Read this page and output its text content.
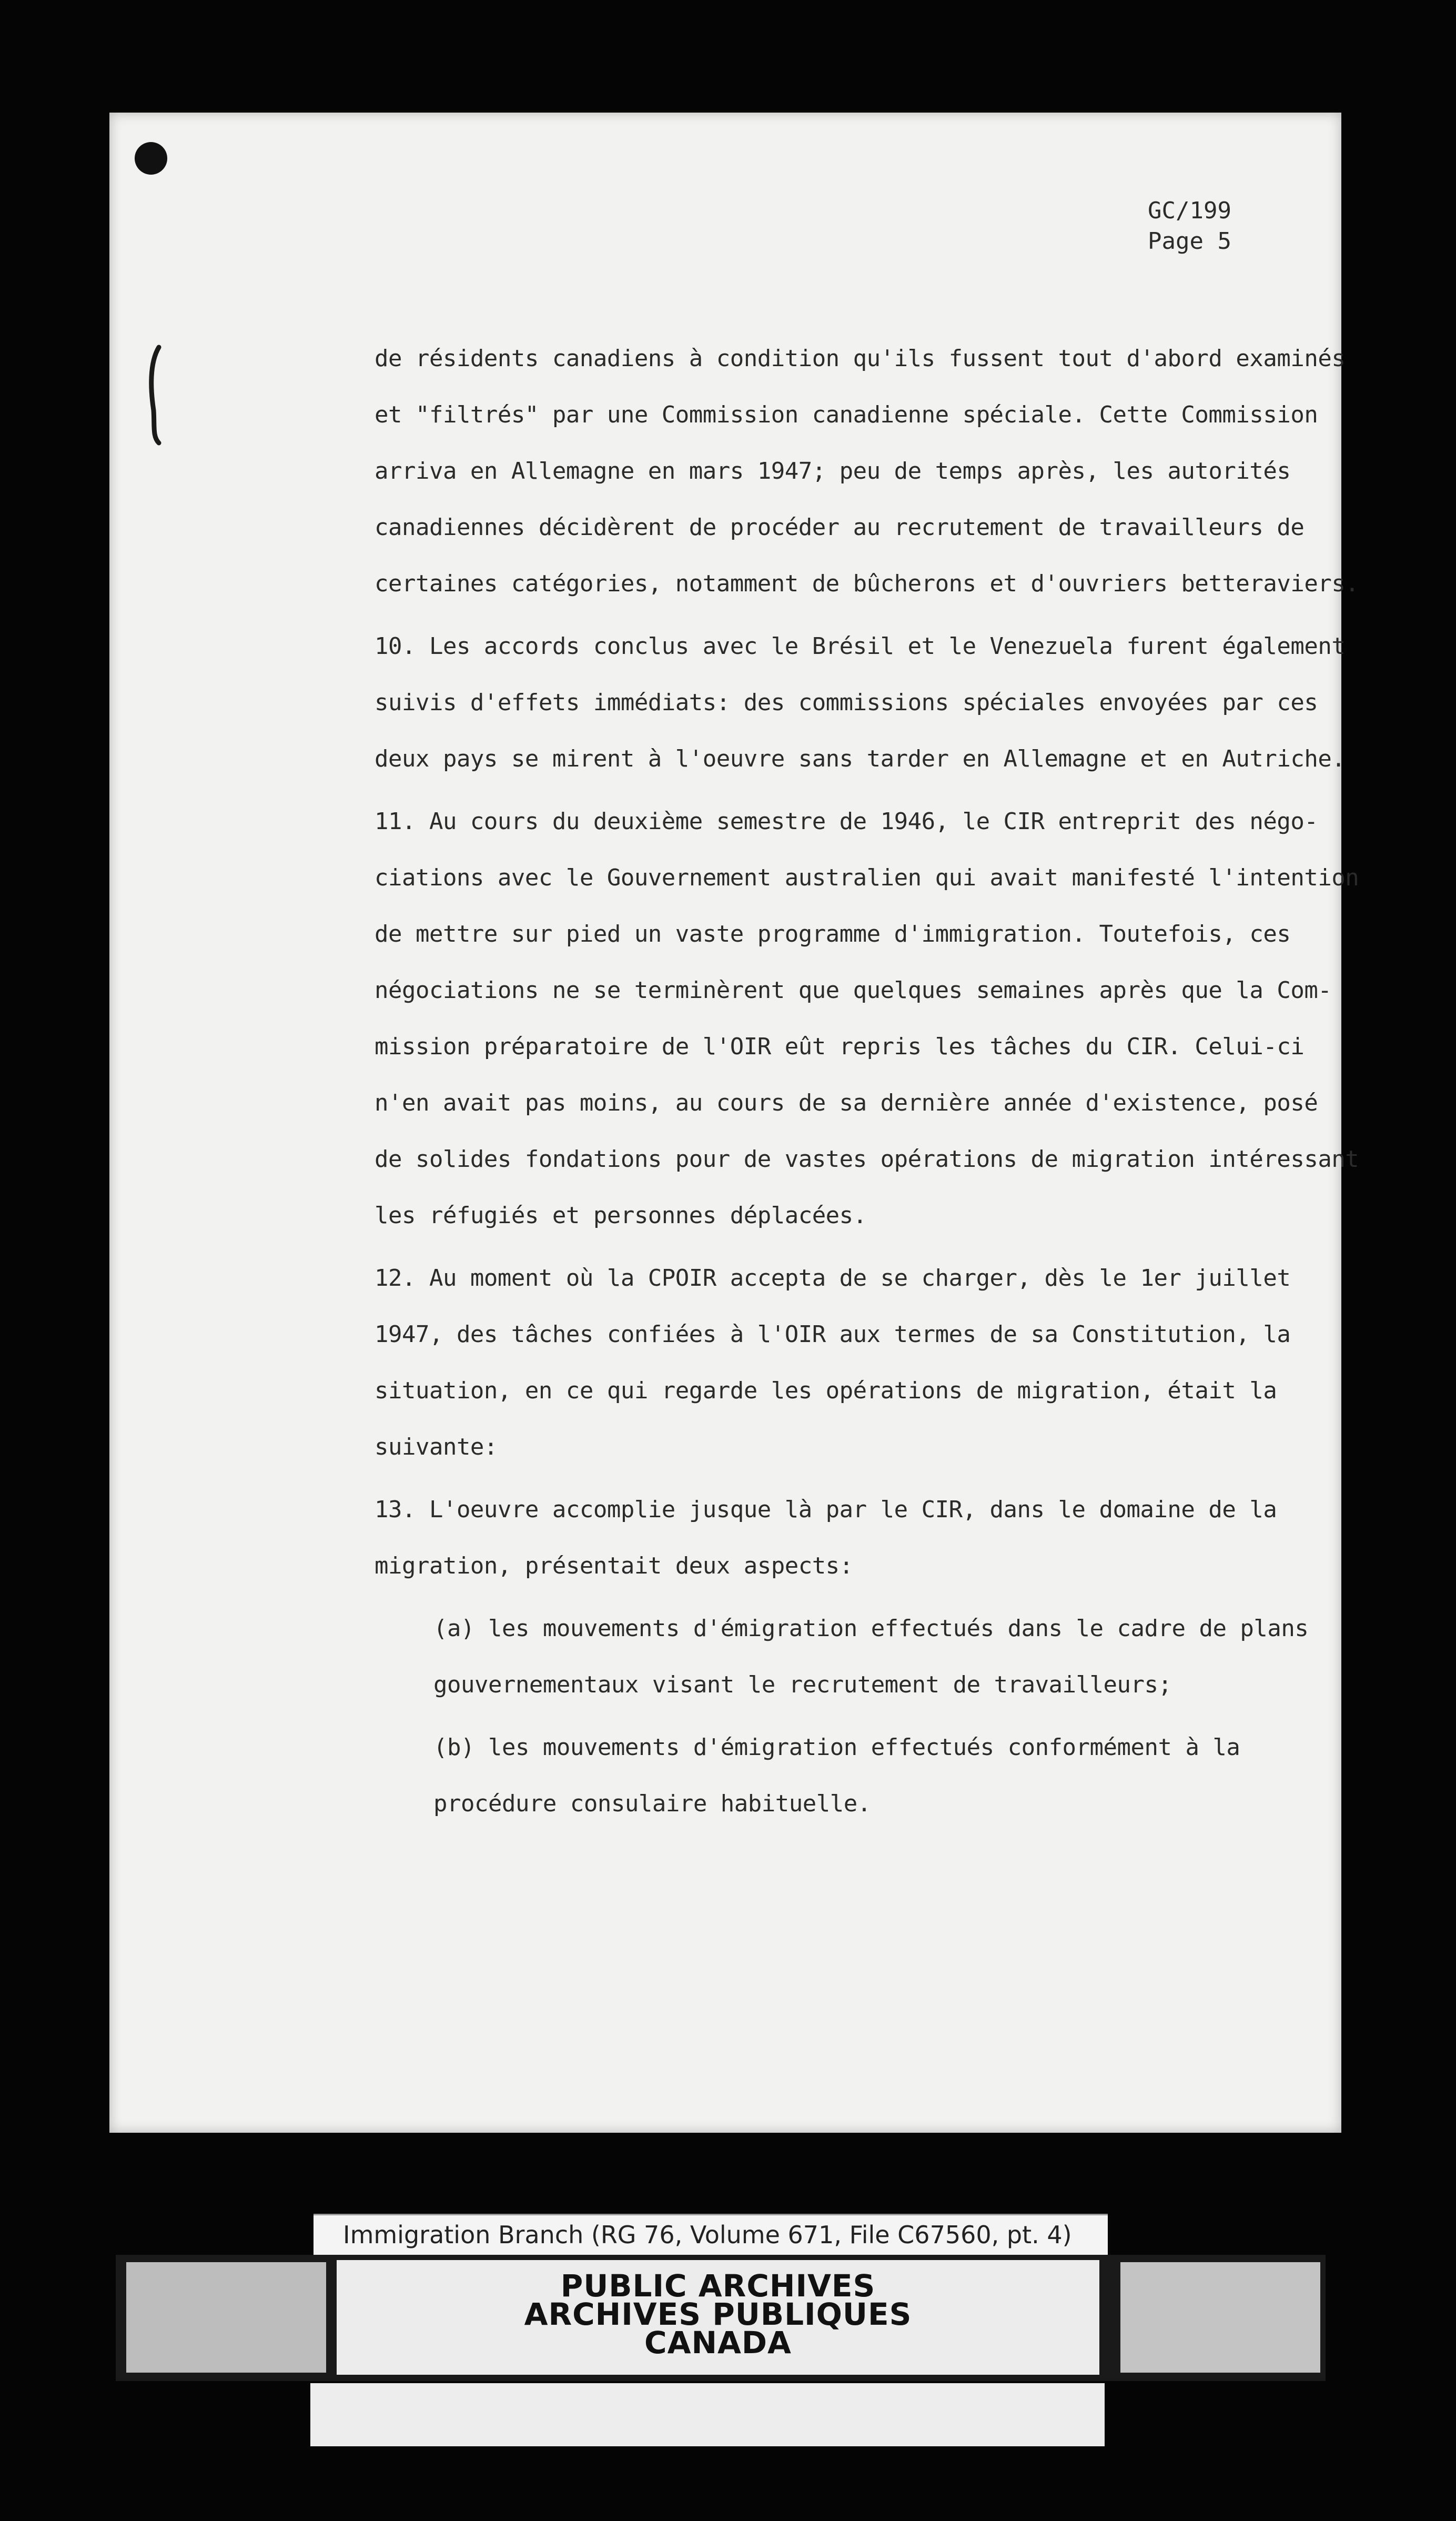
GC/199
Page 5
de résidents canadiens à condition qu'ils fussent tout d'abord examinés
et "filtrés" par une Commission canadienne spéciale. Cette Commission
arriva en Allemagne en mars 1947; peu de temps après, les autorités
canadiennes décidèrent de procéder au recrutement de travailleurs de
certaines catégories, notamment de bûcherons et d'ouvriers betteraviers.
10. Les accords conclus avec le Brésil et le Venezuela furent également
suivis d'effets immédiats: des commissions spéciales envoyées par ces
deux pays se mirent à l'oeuvre sans tarder en Allemagne et en Autriche.
11. Au cours du deuxième semestre de 1946, le CIR entreprit des négo-
ciations avec le Gouvernement australien qui avait manifesté l'intention
de mettre sur pied un vaste programme d'immigration. Toutefois, ces
négociations ne se terminèrent que quelques semaines après que la Com-
mission préparatoire de l'OIR eût repris les tâches du CIR. Celui-ci
n'en avait pas moins, au cours de sa dernière année d'existence, posé
de solides fondations pour de vastes opérations de migration intéressant
les réfugiés et personnes déplacées.
12. Au moment où la CPOIR accepta de se charger, dès le 1er juillet
1947, des tâches confiées à l'OIR aux termes de sa Constitution, la
situation, en ce qui regarde les opérations de migration, était la
suivante:
13. L'oeuvre accomplie jusque là par le CIR, dans le domaine de la
migration, présentait deux aspects:
(a) les mouvements d'émigration effectués dans le cadre de plans
gouvernementaux visant le recrutement de travailleurs;
(b) les mouvements d'émigration effectués conformément à la
procédure consulaire habituelle.
Immigration Branch (RG 76, Volume 671, File C67560, pt. 4)
PUBLIC ARCHIVES
ARCHIVES PUBLIQUES
CANADA
